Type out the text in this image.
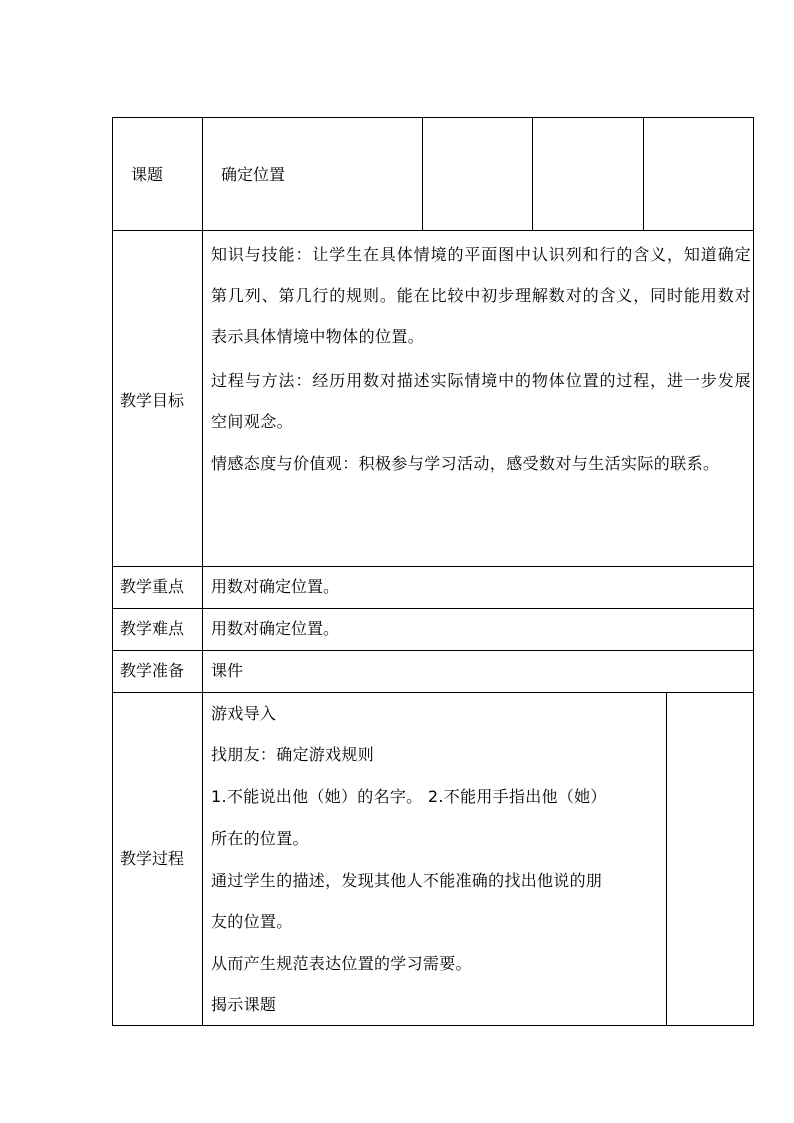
课题	确定位置
教学目标
知识与技能：让学生在具体情境的平面图中认识列和行的含义，知道确定第几列、第几行的规则。能在比较中初步理解数对的含义，同时能用数对表示具体情境中物体的位置。
过程与方法：经历用数对描述实际情境中的物体位置的过程，进一步发展空间观念。
情感态度与价值观：积极参与学习活动，感受数对与生活实际的联系。
教学重点 用数对确定位置。
教学难点 用数对确定位置。
教学准备 课件
教学过程
游戏导入
找朋友：确定游戏规则
1.不能说出他（她）的名字。 2.不能用手指出他（她）
所在的位置。
通过学生的描述，发现其他人不能准确的找出他说的朋
友的位置。
从而产生规范表达位置的学习需要。
揭示课题
